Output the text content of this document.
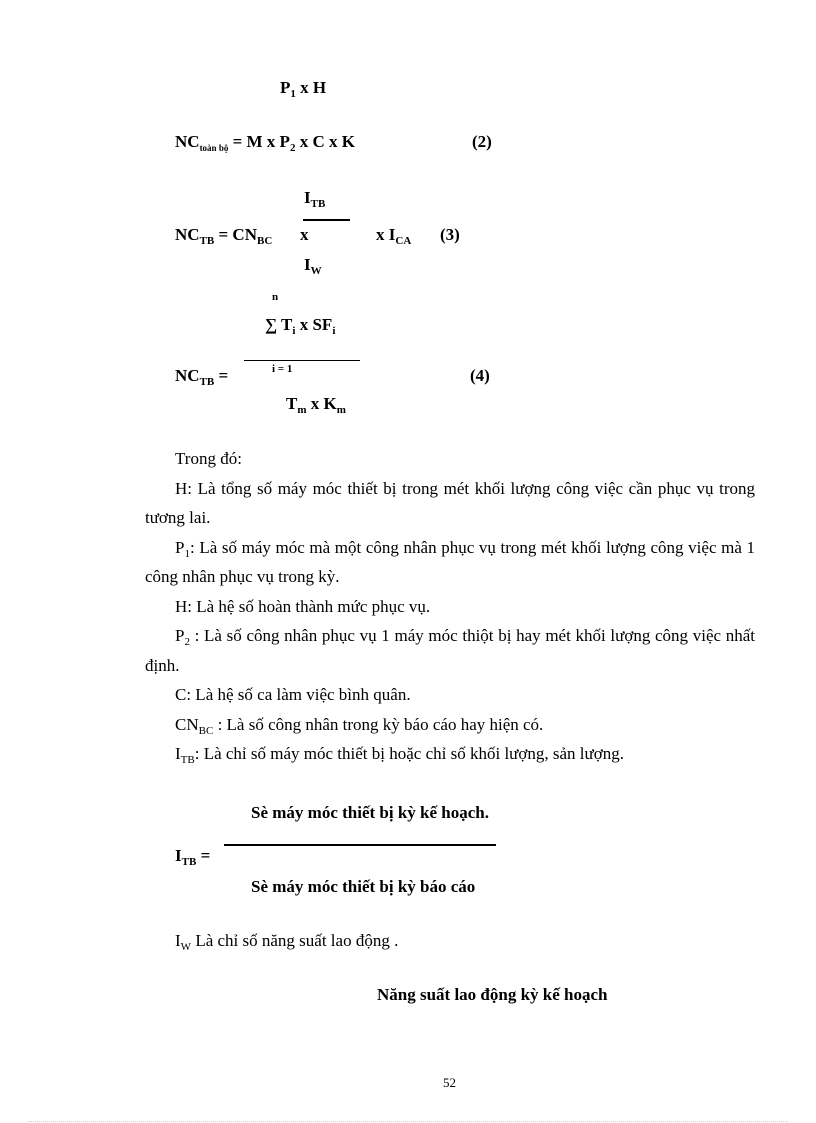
$P_1$ x H
$NC_{toàn bộ} = M$ x $P_2$ x C x K	(2)
$I_{TB}$
$NC_{TB} = CN_{BC}$ x	x $I_{CA}$ (3)
$I_W$
n
∑ $T_i$ x $SF_i$
i = 1
$NC_{TB}$ =	(4)
$T_m$ x $K_m$

Trong đó:

H: Là tổng số máy móc thiết bị trong mét khối lượng công việc cần phục vụ trong tương lai.

$P_1$: Là số máy móc mà một công nhân phục vụ trong mét khối lượng công việc mà 1 công nhân phục vụ trong kỳ.

H: Là hệ số hoàn thành mức phục vụ.

$P_2$ : Là số công nhân phục vụ 1 máy móc thiột bị hay mét khối lượng công việc nhất định.

C: Là hệ số ca làm việc bình quân.

$CN_{BC}$ : Là số công nhân trong kỳ báo cáo hay hiện có.

$I_{TB}$: Là chỉ số máy móc thiết bị hoặc chỉ số khối lượng, sản lượng.

Sè máy móc thiết bị kỳ kế hoạch.
$I_{TB}$ =
Sè máy móc thiết bị kỳ báo cáo
$I_W$ Là chỉ số năng suất lao động .
Năng suất lao động kỳ kế hoạch
52
